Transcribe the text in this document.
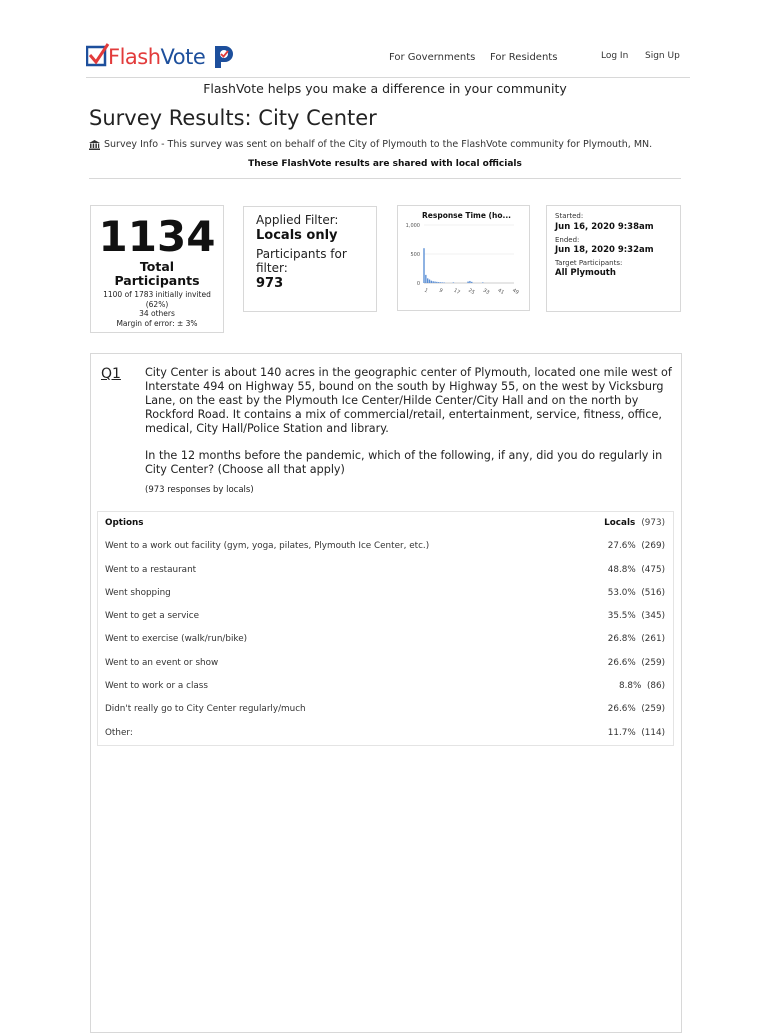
FlashVote	For Governments For Residents	Log In Sign Up
FlashVote helps you make a difference in your community
Survey Results: City Center
Survey Info - This survey was sent on behalf of the City of Plymouth to the FlashVote community for Plymouth, MN.
These FlashVote results are shared with local officials
1134
Total Participants
1100 of 1783 initially invited (62%)
34 others
Margin of error: ± 3%
Applied Filter:
Locals only
Participants for filter:
973
Response Time (ho...
1,000
500
0
1 9 17 25 33 41 49
Started:
Jun 16, 2020 9:38am
Ended:
Jun 18, 2020 9:32am
Target Participants:
All Plymouth
Q1 City Center is about 140 acres in the geographic center of Plymouth, located one mile west of Interstate 494 on Highway 55, bound on the south by Highway 55, on the west by Vicksburg Lane, on the east by the Plymouth Ice Center/Hilde Center/City Hall and on the north by Rockford Road. It contains a mix of commercial/retail, entertainment, service, fitness, office, medical, City Hall/Police Station and library.
In the 12 months before the pandemic, which of the following, if any, did you do regularly in City Center? (Choose all that apply)
(973 responses by locals)
Options	Locals (973)
Went to a work out facility (gym, yoga, pilates, Plymouth Ice Center, etc.)	27.6% (269)
Went to a restaurant	48.8% (475)
Went shopping	53.0% (516)
Went to get a service	35.5% (345)
Went to exercise (walk/run/bike)	26.8% (261)
Went to an event or show	26.6% (259)
Went to work or a class	8.8% (86)
Didn't really go to City Center regularly/much	26.6% (259)
Other:	11.7% (114)
